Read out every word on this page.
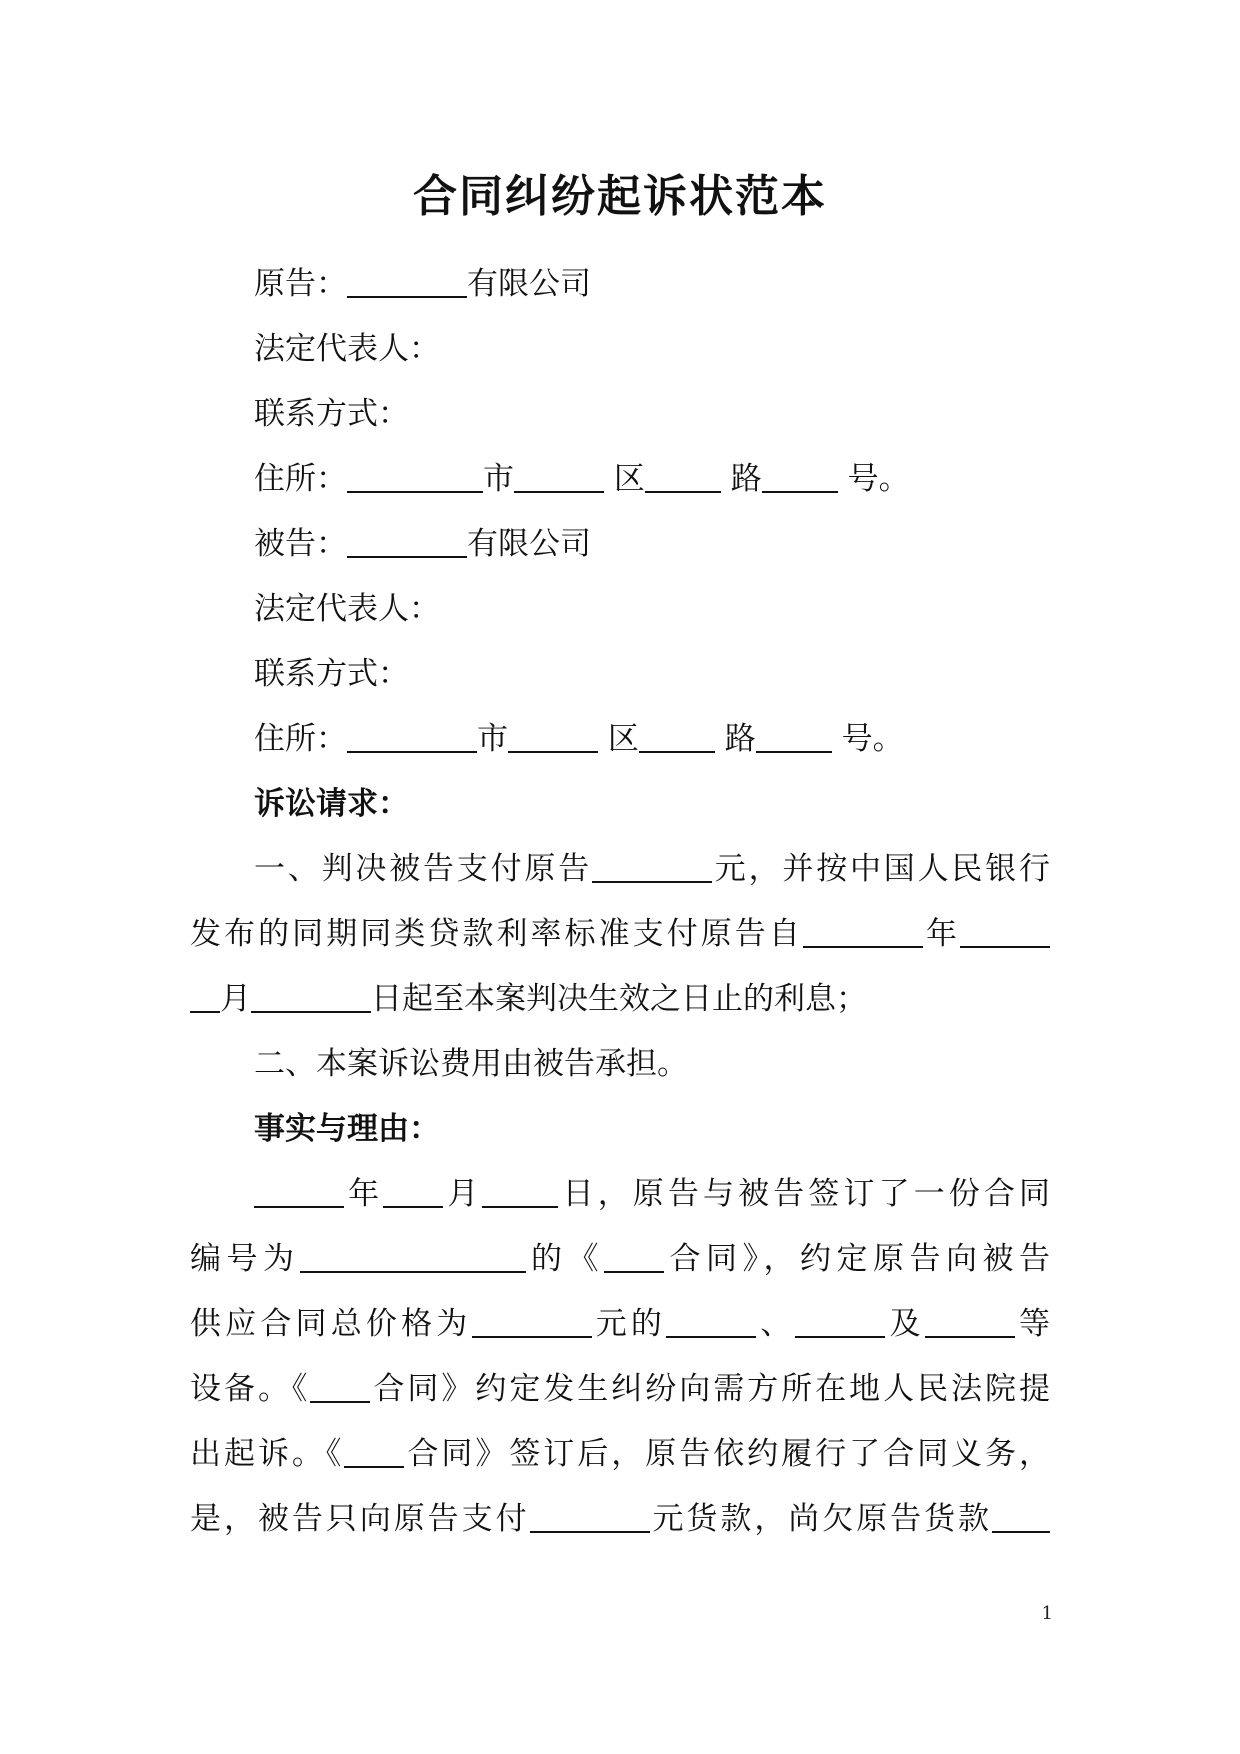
合同纠纷起诉状范本
原告：	有限公司
法定代表人：
联系方式：
住所：	市	区	路	号。
被告：	有限公司
法定代表人：
联系方式：
住所：	市	区	路	号。
诉讼请求：
一、判决被告支付原告	元，并按中国人民银行
发布的同期同类贷款利率标准支付原告自	年
月	日起至本案判决生效之日止的利息；
二、本案诉讼费用由被告承担。
事实与理由：
年 月 日，原告与被告签订了一份合同
编号为	的《 合同》，约定原告向被告
供应合同总价格为	元的	、	及	等
设备。《 合同》约定发生纠纷向需方所在地人民法院提
出起诉。《 合同》签订后，原告依约履行了合同义务，
是，被告只向原告支付	元货款，尚欠原告货款
1
